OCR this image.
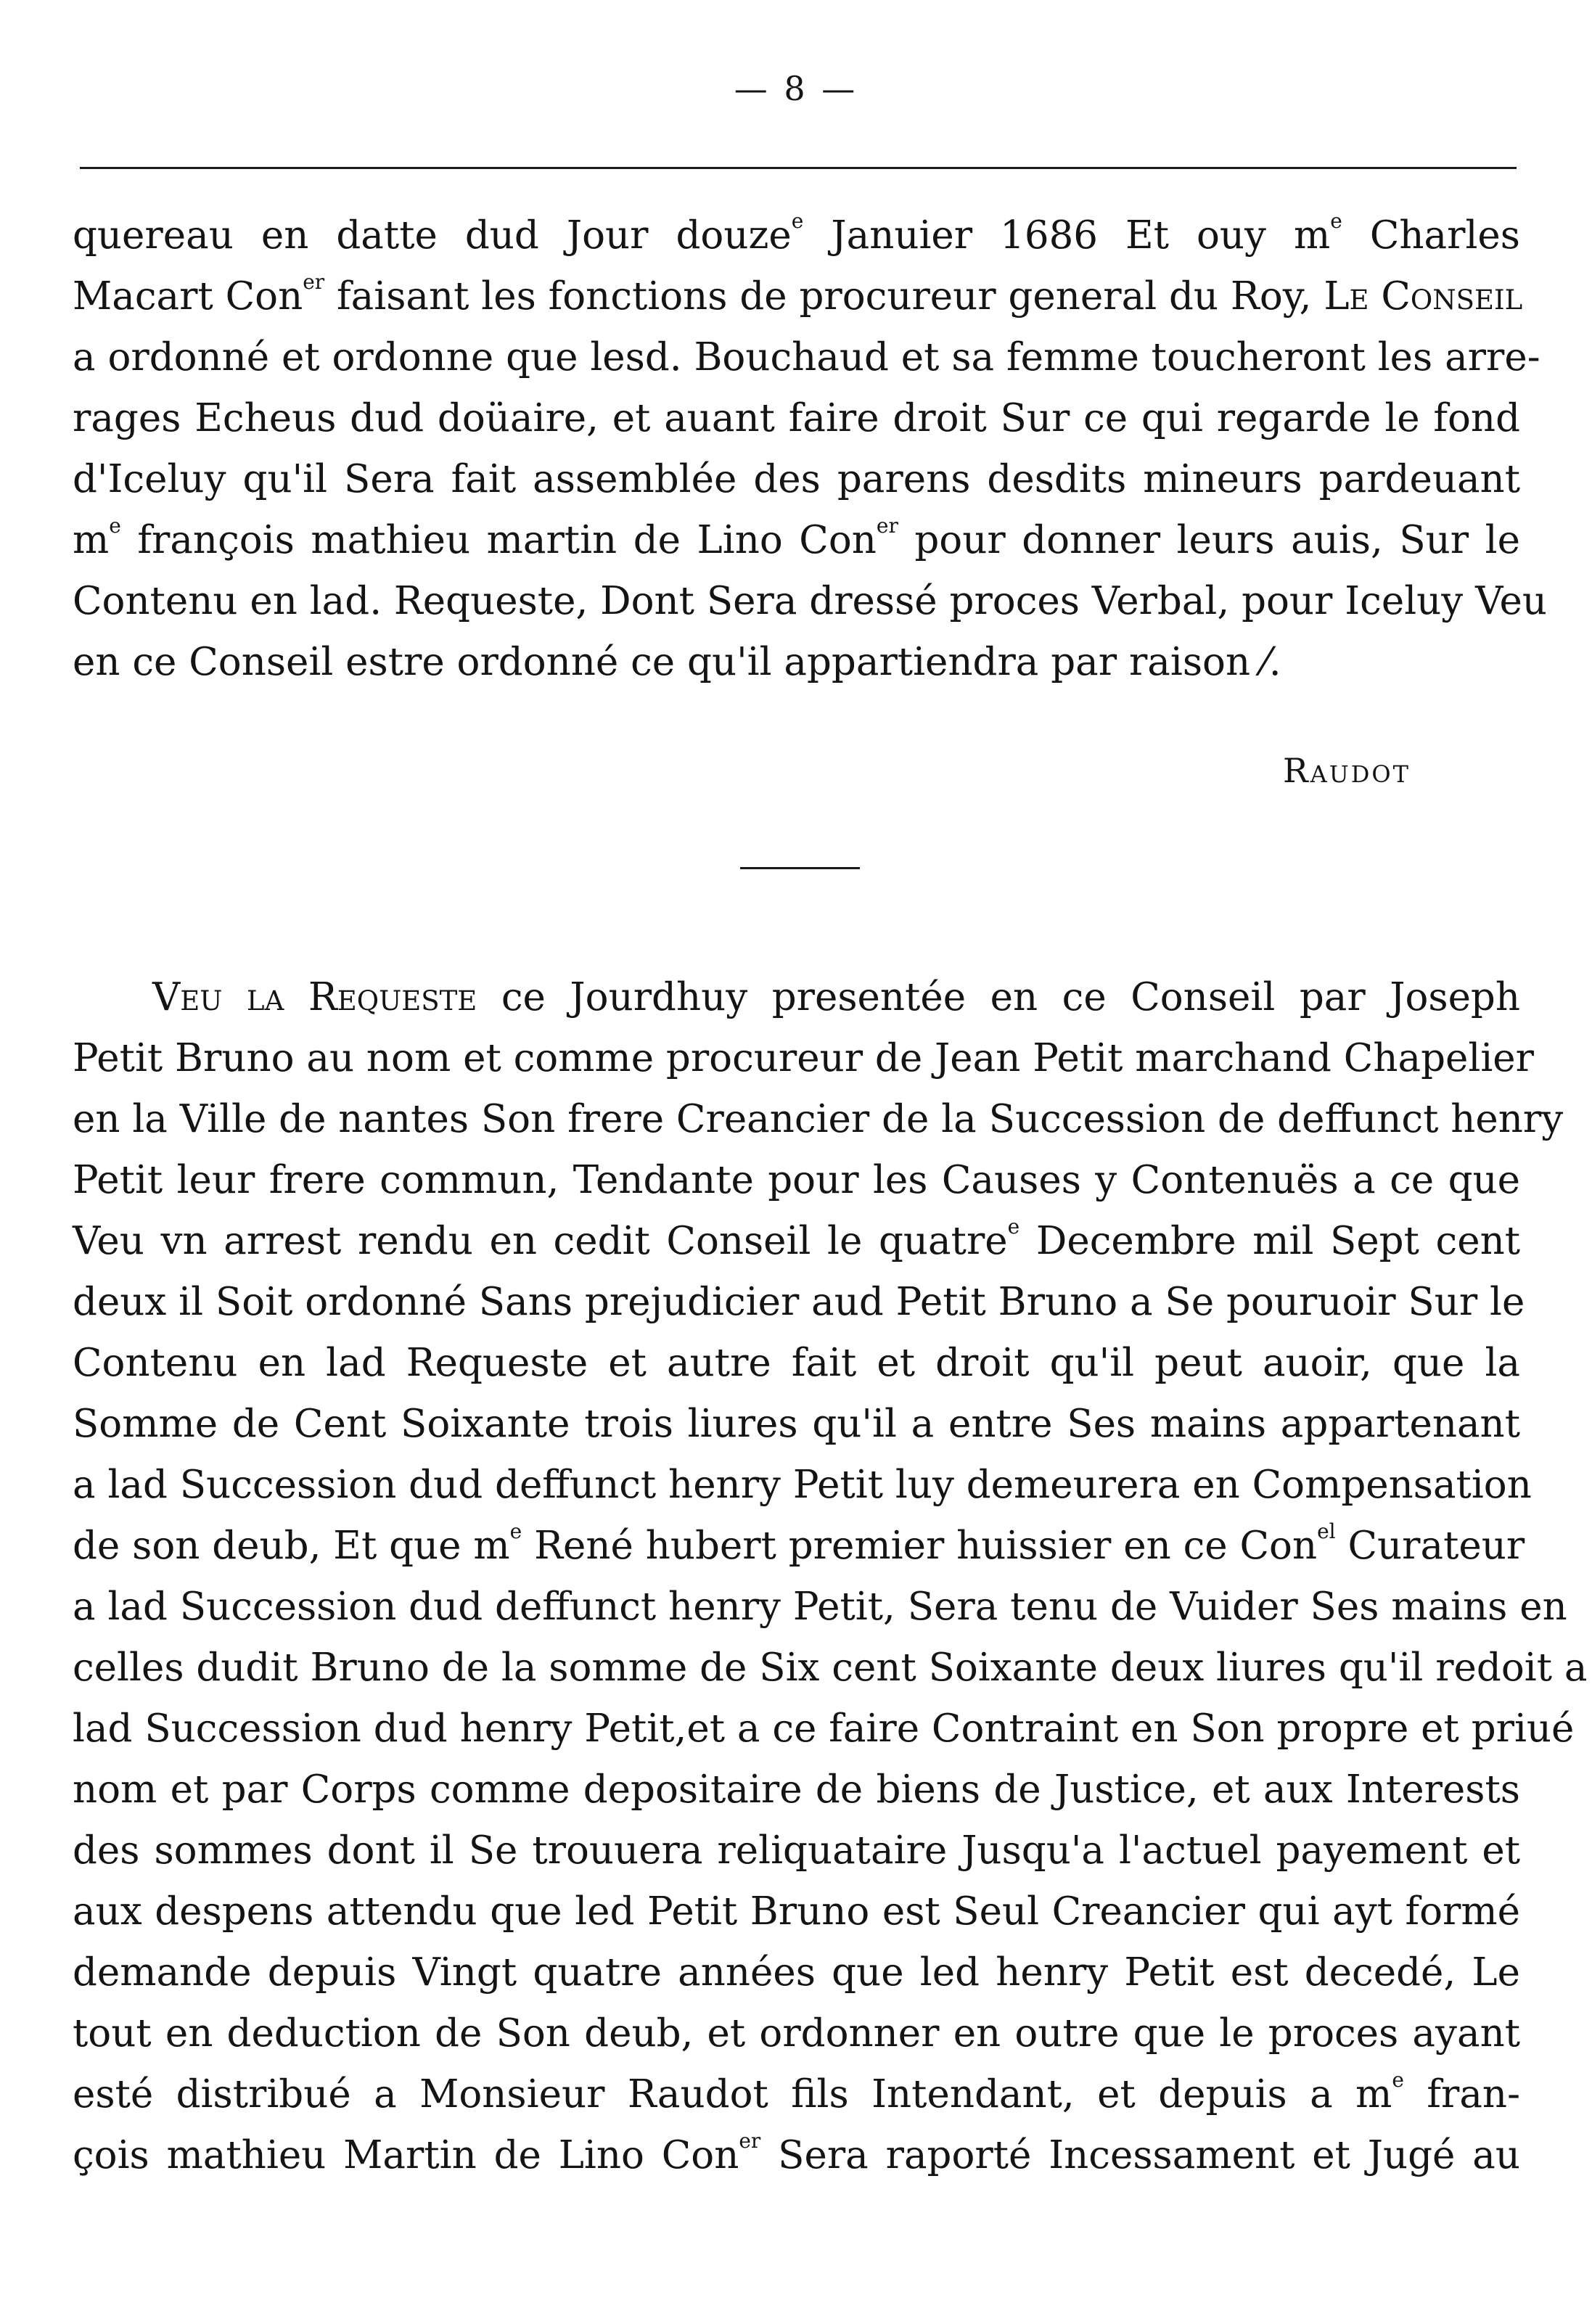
— 8 —
quereau en datte dud Jour douze$^e$ Januier 1686 Et ouy $m^e$ Charles
Macart Con$^{er}$ faisant les fonctions de procureur general du Roy, Le Conseil
a ordonné et ordonne que lesd. Bouchaud et sa femme toucheront les arre-
rages Echeus dud doüaire, et auant faire droit Sur ce qui regarde le fond
d'Iceluy qu'il Sera fait assemblée des parens desdits mineurs pardeuant
$m^e$ françois mathieu martin de Lino Con$^{er}$ pour donner leurs auis, Sur le
Contenu en lad. Requeste, Dont Sera dressé proces Verbal, pour Iceluy Veu
en ce Conseil estre ordonné ce qu'il appartiendra par raison ⁄.
Raudot
Veu la Requeste ce Jourdhuy presentée en ce Conseil par Joseph
Petit Bruno au nom et comme procureur de Jean Petit marchand Chapelier
en la Ville de nantes Son frere Creancier de la Succession de deffunct henry
Petit leur frere commun, Tendante pour les Causes y Contenuës a ce que
Veu vn arrest rendu en cedit Conseil le quatre$^e$ Decembre mil Sept cent
deux il Soit ordonné Sans prejudicier aud Petit Bruno a Se pouruoir Sur le
Contenu en lad Requeste et autre fait et droit qu'il peut auoir, que la
Somme de Cent Soixante trois liures qu'il a entre Ses mains appartenant
a lad Succession dud deffunct henry Petit luy demeurera en Compensation
de son deub, Et que $m^e$ René hubert premier huissier en ce Con$^{el}$ Curateur
a lad Succession dud deffunct henry Petit, Sera tenu de Vuider Ses mains en
celles dudit Bruno de la somme de Six cent Soixante deux liures qu'il redoit a
lad Succession dud henry Petit,et a ce faire Contraint en Son propre et priué
nom et par Corps comme depositaire de biens de Justice, et aux Interests
des sommes dont il Se trouuera reliquataire Jusqu'a l'actuel payement et
aux despens attendu que led Petit Bruno est Seul Creancier qui ayt formé
demande depuis Vingt quatre années que led henry Petit est decedé, Le
tout en deduction de Son deub, et ordonner en outre que le proces ayant
esté distribué a Monsieur Raudot fils Intendant, et depuis a $m^e$ fran-
çois mathieu Martin de Lino Con$^{er}$ Sera raporté Incessament et Jugé au
